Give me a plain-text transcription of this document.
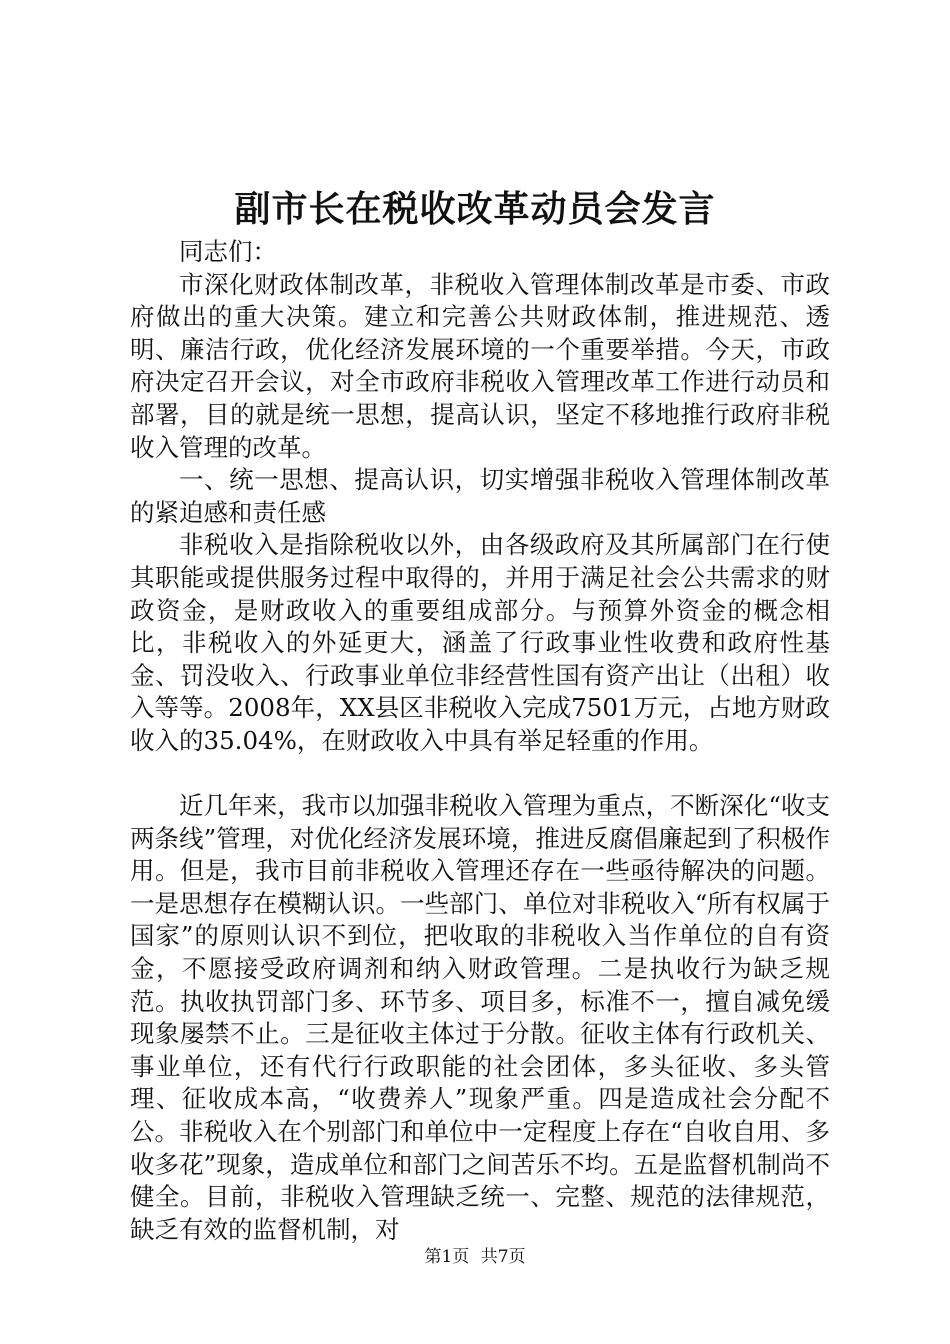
副市长在税收改革动员会发言

同志们：

市深化财政体制改革，非税收入管理体制改革是市委、市政府做出的重大决策。建立和完善公共财政体制，推进规范、透明、廉洁行政，优化经济发展环境的一个重要举措。今天，市政府决定召开会议，对全市政府非税收入管理改革工作进行动员和部署，目的就是统一思想，提高认识，坚定不移地推行政府非税收入管理的改革。

一、统一思想、提高认识，切实增强非税收入管理体制改革的紧迫感和责任感

非税收入是指除税收以外，由各级政府及其所属部门在行使其职能或提供服务过程中取得的，并用于满足社会公共需求的财政资金，是财政收入的重要组成部分。与预算外资金的概念相比，非税收入的外延更大，涵盖了行政事业性收费和政府性基金、罚没收入、行政事业单位非经营性国有资产出让（出租）收入等等。2008年，XX县区非税收入完成7501万元，占地方财政收入的35.04%，在财政收入中具有举足轻重的作用。

近几年来，我市以加强非税收入管理为重点，不断深化“收支两条线”管理，对优化经济发展环境，推进反腐倡廉起到了积极作用。但是，我市目前非税收入管理还存在一些亟待解决的问题。一是思想存在模糊认识。一些部门、单位对非税收入“所有权属于国家”的原则认识不到位，把收取的非税收入当作单位的自有资金，不愿接受政府调剂和纳入财政管理。二是执收行为缺乏规范。执收执罚部门多、环节多、项目多，标准不一，擅自减免缓现象屡禁不止。三是征收主体过于分散。征收主体有行政机关、事业单位，还有代行行政职能的社会团体，多头征收、多头管理、征收成本高，“收费养人”现象严重。四是造成社会分配不公。非税收入在个别部门和单位中一定程度上存在“自收自用、多收多花”现象，造成单位和部门之间苦乐不均。五是监督机制尚不健全。目前，非税收入管理缺乏统一、完整、规范的法律规范，缺乏有效的监督机制，对

第1页 共7页
